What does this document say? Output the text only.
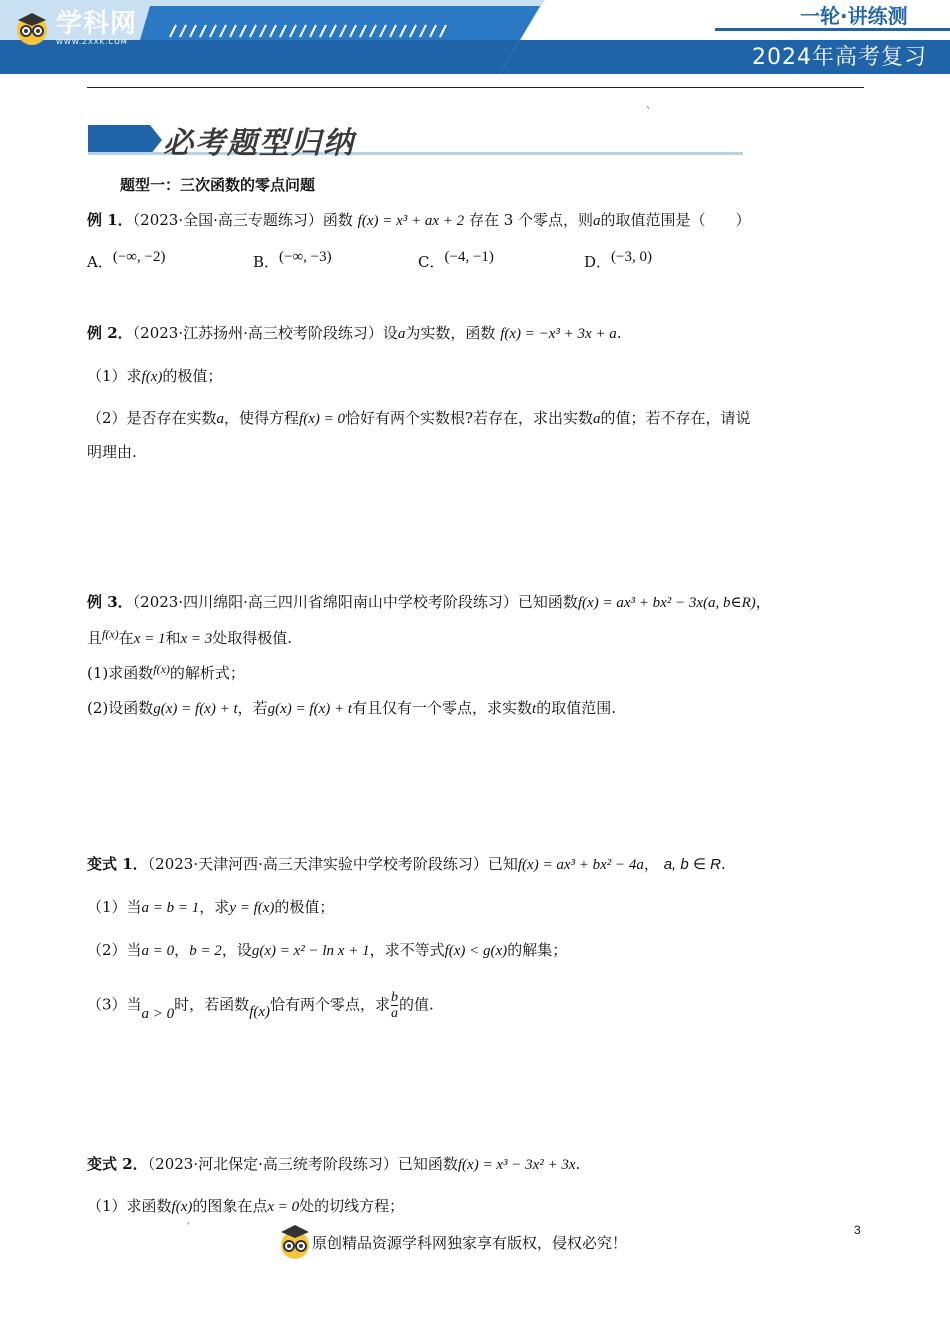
学科网
WWW.ZXXK.COM
一轮·讲练测
2024年高考复习
、
必考题型归纳
题型一：三次函数的零点问题
例 1．（2023·全国·高三专题练习）函数 f(x) = x³ + ax + 2 存在 3 个零点，则a的取值范围是（　　）
A．(−∞, −2)	B．(−∞, −3)	C．(−4, −1)	D．(−3, 0)
例 2．（2023·江苏扬州·高三校考阶段练习）设a为实数，函数 f(x) = −x³ + 3x + a.
（1）求f(x)的极值；
（2）是否存在实数a，使得方程f(x) = 0恰好有两个实数根?若存在，求出实数a的值；若不存在，请说
明理由.
例 3．（2023·四川绵阳·高三四川省绵阳南山中学校考阶段练习）已知函数f(x) = ax³ + bx² − 3x(a, b∈R)，
且$^{f(x)}$在x = 1和x = 3处取得极值.
(1)求函数$^{f(x)}$的解析式；
(2)设函数g(x) = f(x) + t，若g(x) = f(x) + t有且仅有一个零点，求实数t的取值范围.
变式 1．（2023·天津河西·高三天津实验中学校考阶段练习）已知f(x) = ax³ + bx² − 4a， a, b ∈ R.
（1）当a = b = 1，求y = f(x)的极值；
（2）当a = 0，b = 2，设g(x) = x² − ln x + 1，求不等式f(x) < g(x)的解集；
（3）当a > 0时，若函数f(x)恰有两个零点，求 $\frac{b}{a}$ 的值.
变式 2．（2023·河北保定·高三统考阶段练习）已知函数f(x) = x³ − 3x² + 3x.
（1）求函数f(x)的图象在点x = 0处的切线方程；
'
原创精品资源学科网独家享有版权，侵权必究！
3
